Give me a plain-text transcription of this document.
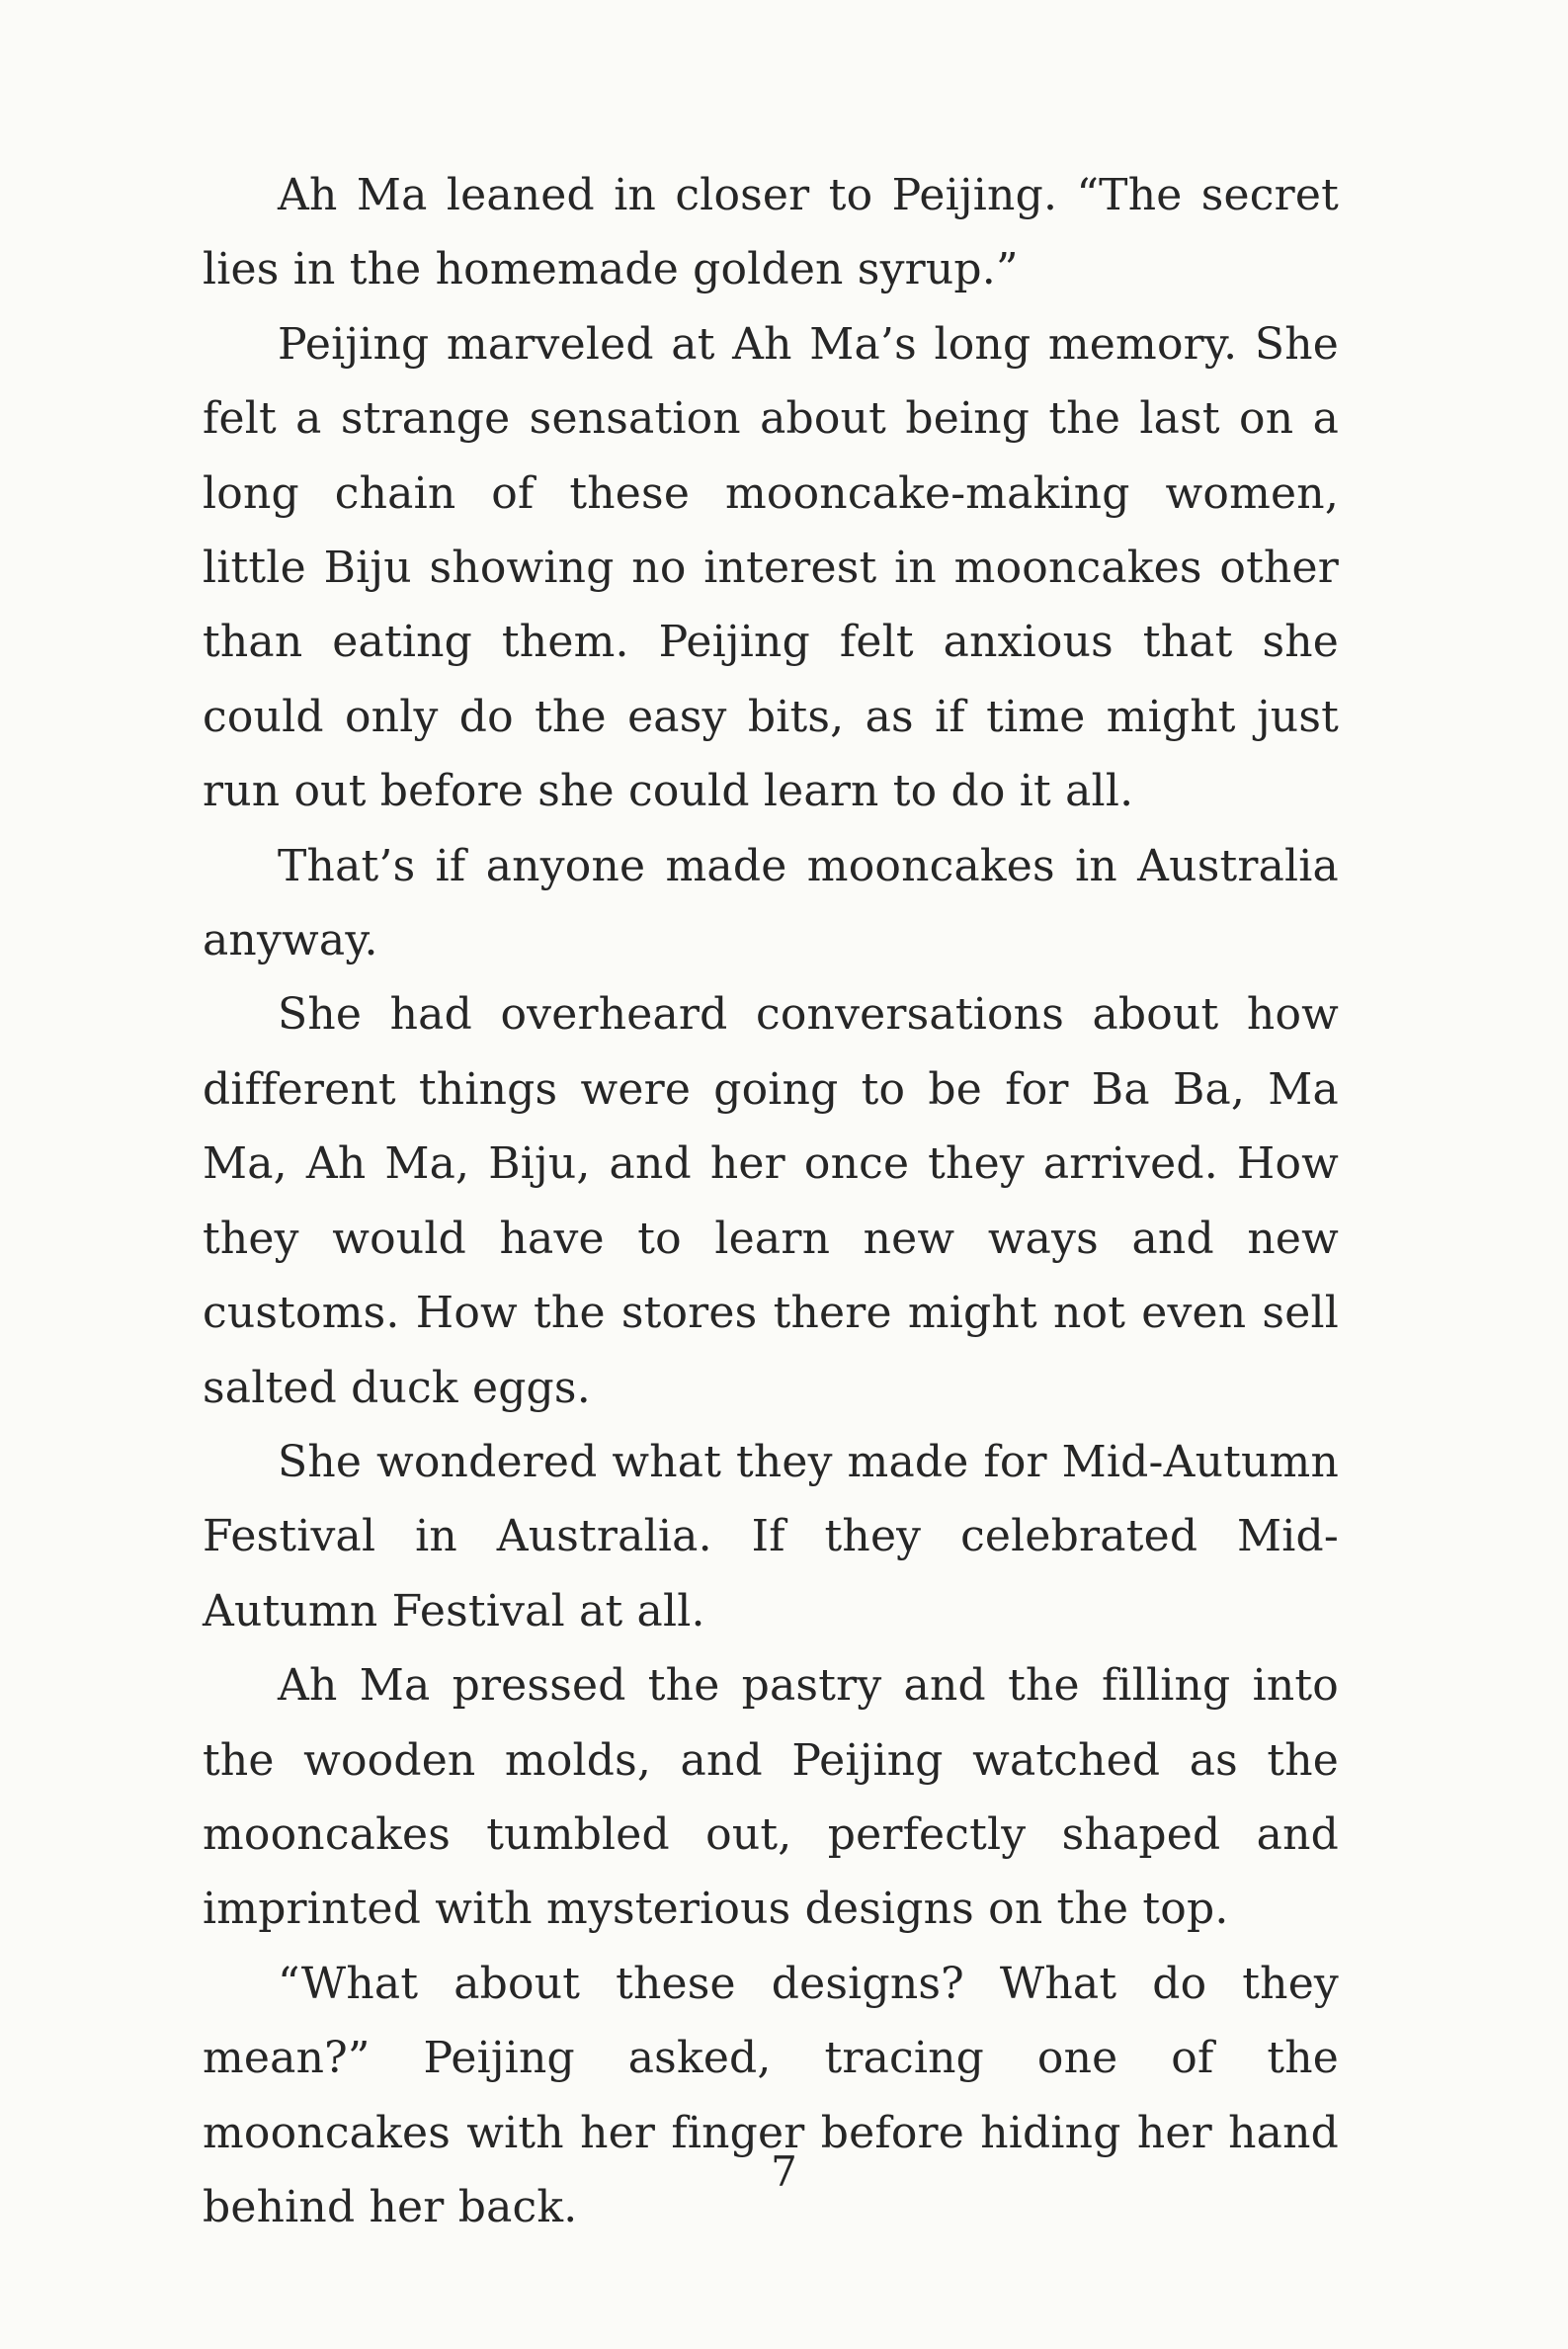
Ah Ma leaned in closer to Peijing. “The secret lies in the homemade golden syrup.”

Peijing marveled at Ah Ma’s long memory. She felt a strange sensation about being the last on a long chain of these mooncake-making women, little Biju showing no interest in mooncakes other than eating them. Peijing felt anxious that she could only do the easy bits, as if time might just run out before she could learn to do it all.

That’s if anyone made mooncakes in Australia anyway.

She had overheard conversations about how different things were going to be for Ba Ba, Ma Ma, Ah Ma, Biju, and her once they arrived. How they would have to learn new ways and new customs. How the stores there might not even sell salted duck eggs.

She wondered what they made for Mid-Autumn Festival in Australia. If they celebrated Mid-Autumn Festival at all.

Ah Ma pressed the pastry and the filling into the wooden molds, and Peijing watched as the mooncakes tumbled out, perfectly shaped and imprinted with mysterious designs on the top.

“What about these designs? What do they mean?” Peijing asked, tracing one of the mooncakes with her finger before hiding her hand behind her back.

7
